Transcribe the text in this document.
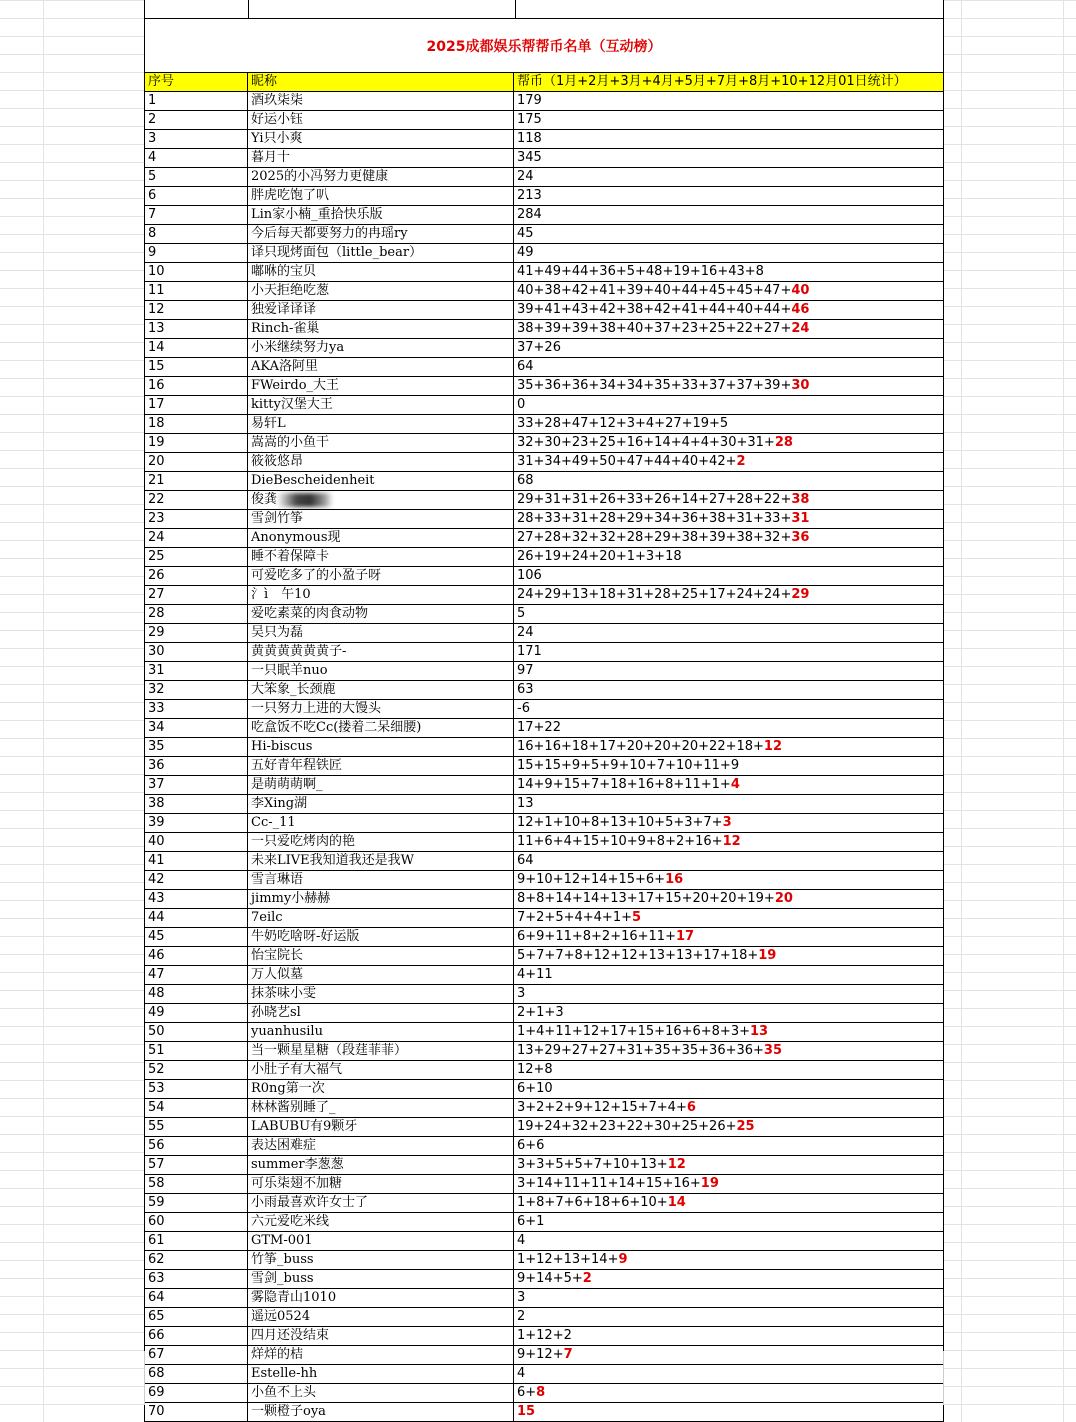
2025成都娱乐帮帮币名单（互动榜）
序号	昵称	帮币（1月+2月+3月+4月+5月+7月+8月+10+12月01日统计）
1	酒玖柒柒	179
2	好运小钰	175
3	Yi只小爽	118
4	暮月十	345
5	2025的小冯努力更健康	24
6	胖虎吃饱了叭	213
7	Lin家小楠_重拾快乐版	284
8	今后每天都要努力的冉瑶ry	45
9	译只现烤面包（little_bear）	49
10	嘟咻的宝贝	41+49+44+36+5+48+19+16+43+8
11	小天拒绝吃葱	40+38+42+41+39+40+44+45+45+47+40
12	独爱译译译	39+41+43+42+38+42+41+44+40+44+46
13	Rinch-雀巢	38+39+39+38+40+37+23+25+22+27+24
14	小米继续努力ya	37+26
15	AKA洛阿里	64
16	FWeirdo_大王	35+36+36+34+34+35+33+37+37+39+30
17	kitty汉堡大王	0
18	易轩L	33+28+47+12+3+4+27+19+5
19	嵩嵩的小鱼干	32+30+23+25+16+14+4+4+30+31+28
20	筱筱悠昂	31+34+49+50+47+44+40+42+2
21	DieBescheidenheit	68
22	俊龚	29+31+31+26+33+26+14+27+28+22+38
23	雪剑竹筝	28+33+31+28+29+34+36+38+31+33+31
24	Anonymous现	27+28+32+32+28+29+38+39+38+32+36
25	睡不着保障卡	26+19+24+20+1+3+18
26	可爱吃多了的小盈子呀	106
27	氵ì　午10	24+29+13+18+31+28+25+17+24+24+29
28	爱吃素菜的肉食动物	5
29	吴只为磊	24
30	黄黄黄黄黄黄子-	171
31	一只眠羊nuo	97
32	大笨象_长颈鹿	63
33	一只努力上进的大馒头	-6
34	吃盒饭不吃Cc(搂着二呆细腰)	17+22
35	Hi-biscus	16+16+18+17+20+20+20+22+18+12
36	五好青年程铁匠	15+15+9+5+9+10+7+10+11+9
37	是萌萌萌啊_	14+9+15+7+18+16+8+11+1+4
38	李Xing湖	13
39	Cc-_11	12+1+10+8+13+10+5+3+7+3
40	一只爱吃烤肉的艳	11+6+4+15+10+9+8+2+16+12
41	未来LIVE我知道我还是我W	64
42	雪言琳语	9+10+12+14+15+6+16
43	jimmy小赫赫	8+8+14+14+13+17+15+20+20+19+20
44	7eilc	7+2+5+4+4+1+5
45	牛奶吃啥呀-好运版	6+9+11+8+2+16+11+17
46	怡宝院长	5+7+7+8+12+12+13+13+17+18+19
47	万人似墓	4+11
48	抹茶味小雯	3
49	孙晓艺sl	2+1+3
50	yuanhusilu	1+4+11+12+17+15+16+6+8+3+13
51	当一颗星星糖（段莛菲菲）	13+29+27+27+31+35+35+36+36+35
52	小肚子有大福气	12+8
53	R0ng第一次	6+10
54	林林酱别睡了_	3+2+2+9+12+15+7+4+6
55	LABUBU有9颗牙	19+24+32+23+22+30+25+26+25
56	表达困难症	6+6
57	summer李葱葱	3+3+5+5+7+10+13+12
58	可乐柒翅不加糖	3+14+11+11+14+15+16+19
59	小雨最喜欢许女士了	1+8+7+6+18+6+10+14
60	六元爱吃米线	6+1
61	GTM-001	4
62	竹筝_buss	1+12+13+14+9
63	雪剑_buss	9+14+5+2
64	雾隐青山1010	3
65	遥远0524	2
66	四月还没结束	1+12+2
67	烊烊的桔	9+12+7
68	Estelle-hh	4
69	小鱼不上头	6+8
70	一颗橙子oya	15
